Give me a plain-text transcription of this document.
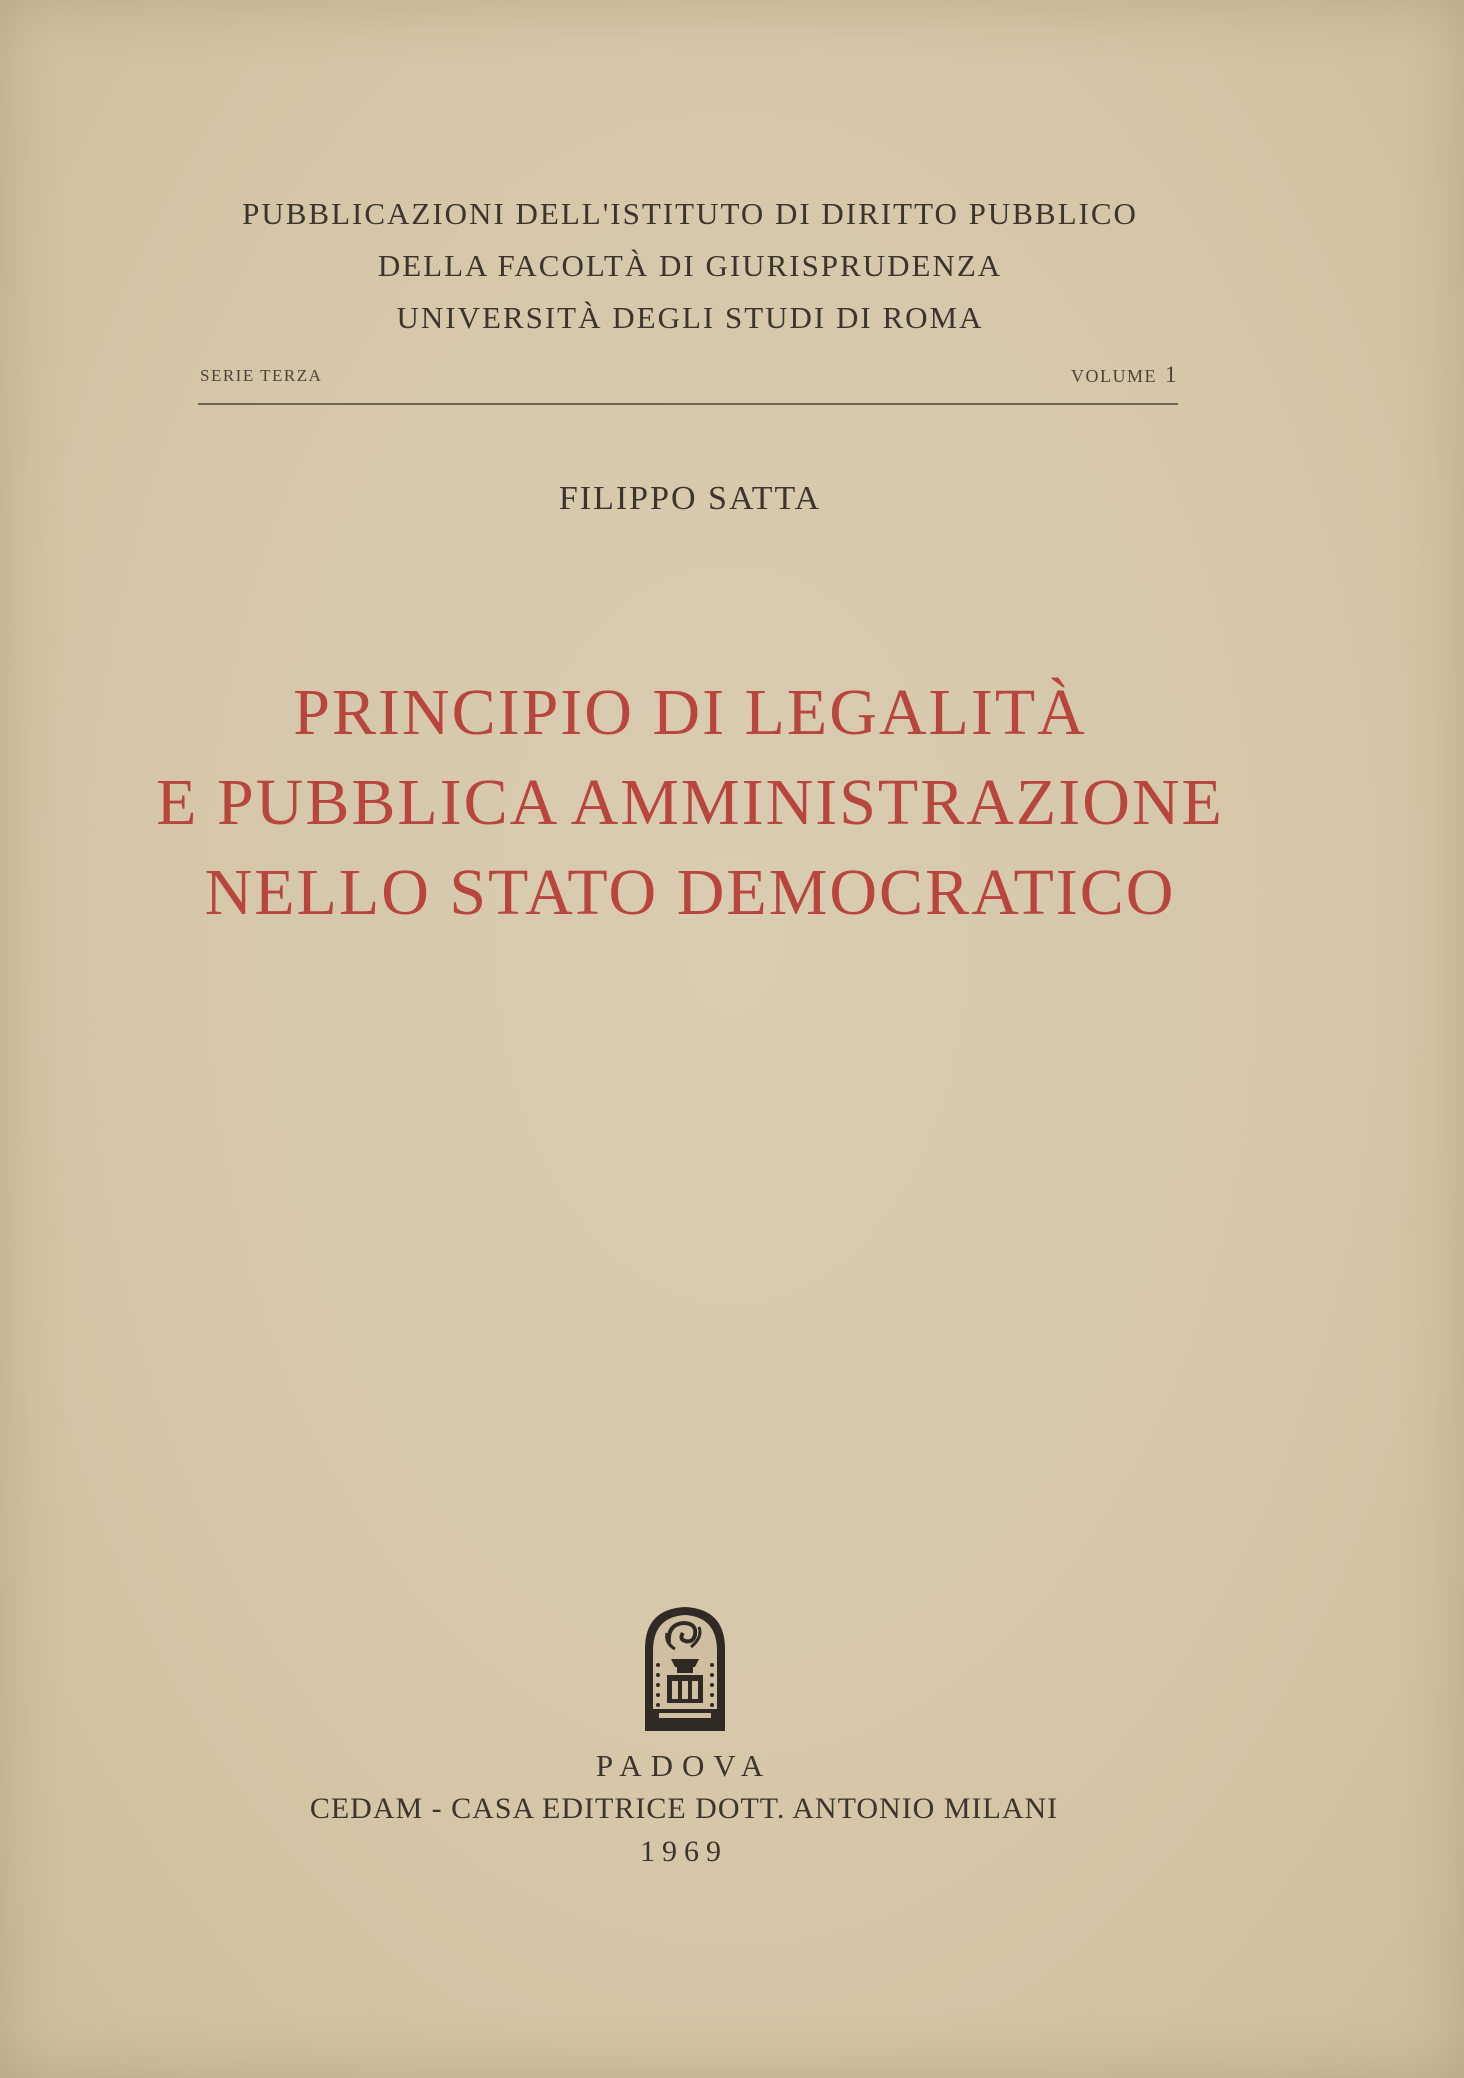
PUBBLICAZIONI DELL'ISTITUTO DI DIRITTO PUBBLICO
DELLA FACOLTÀ DI GIURISPRUDENZA
UNIVERSITÀ DEGLI STUDI DI ROMA
SERIE TERZA	VOLUME 1
FILIPPO SATTA
PRINCIPIO DI LEGALITÀ
E PUBBLICA AMMINISTRAZIONE
NELLO STATO DEMOCRATICO
PADOVA
CEDAM - CASA EDITRICE DOTT. ANTONIO MILANI
1969
